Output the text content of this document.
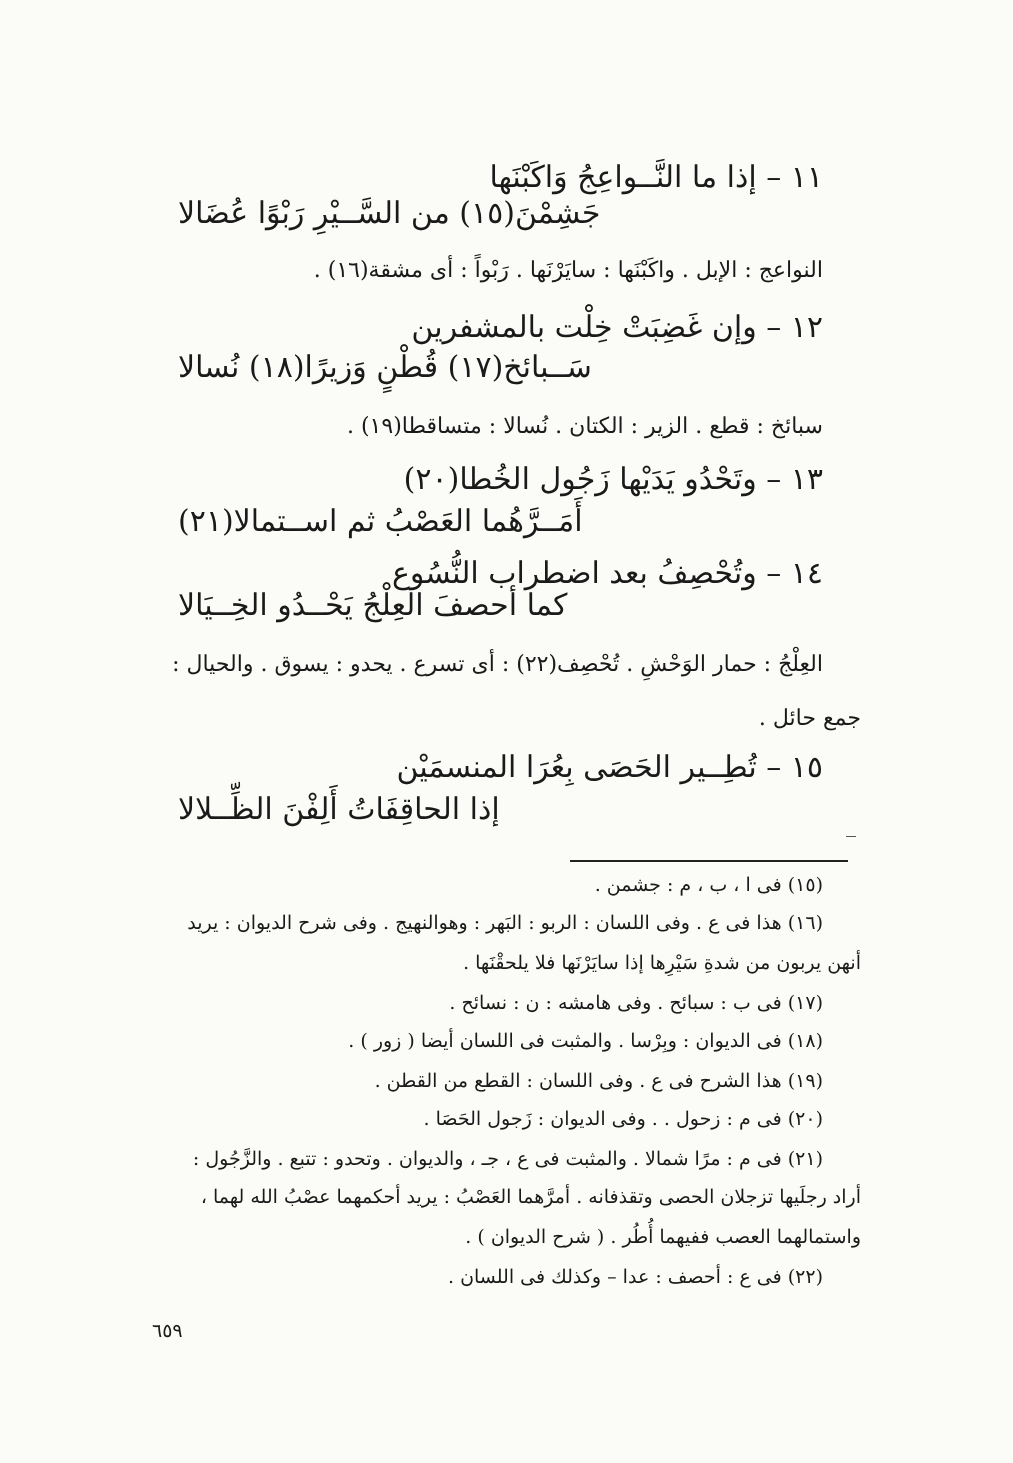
١١ – إذا ما النَّــواعِجُ وَاكَبْنَها
جَشِمْنَ(١٥) من السَّــيْرِ رَبْوًا عُضَالا
النواعج : الإبل . واكَبْنَها : سايَرْنَها . رَبْواً : أى مشقة(١٦) .
١٢ – وإن غَضِبَتْ خِلْت بالمشفرين
سَــبائخ(١٧) قُطْنٍ وَزيرًا(١٨) نُسالا
سبائخ : قطع . الزير : الكتان . نُسالا : متساقطا(١٩) .
١٣ – وتَحْدُو يَدَيْها زَجُول الخُطا(٢٠)
أَمَــرَّهُما العَصْبُ ثم اســتمالا(٢١)
١٤ – وتُحْصِفُ بعد اضطراب النُّسُوع
كما أحصفَ العِلْجُ يَحْــدُو الخِــيَالا
العِلْجُ : حمار الوَحْشِ . تُحْصِف(٢٢) : أى تسرع . يحدو : يسوق . والحيال :
جمع حائل .
١٥ – تُطِــير الحَصَى بِعُرَا المنسمَيْن
إذا الحاقِفَاتُ أَلِفْنَ الظِّــلالا
(١٥) فى ا ، ب ، م : جشمن .
(١٦) هذا فى ع . وفى اللسان : الربو : البَهر : وهوالنهيج . وفى شرح الديوان : يريد
أنهن يربون من شدةِ سَيْرِها إذا سايَرْنَها فلا يلحقْنَها .
(١٧) فى ب : سبائح . وفى هامشه : ن : نسائح .
(١٨) فى الديوان : وبِرْسا . والمثبت فى اللسان أيضا ( زور ) .
(١٩) هذا الشرح فى ع . وفى اللسان : القطع من القطن .
(٢٠) فى م : زحول . . وفى الديوان : زَجول الحَصَا .
(٢١) فى م : مرًا شمالا . والمثبت فى ع ، جـ ، والديوان . وتحدو : تتبع . والزَّجُول :
أراد رجلَيها تزجلان الحصى وتقذفانه . أمرَّهما العَصْبُ : يريد أحكمهما عصْبُ الله لهما ،
واستمالهما العصب ففيهما أُطُر . ( شرح الديوان ) .
(٢٢) فى ع : أحصف : عدا – وكذلك فى اللسان .
٦٥٩
